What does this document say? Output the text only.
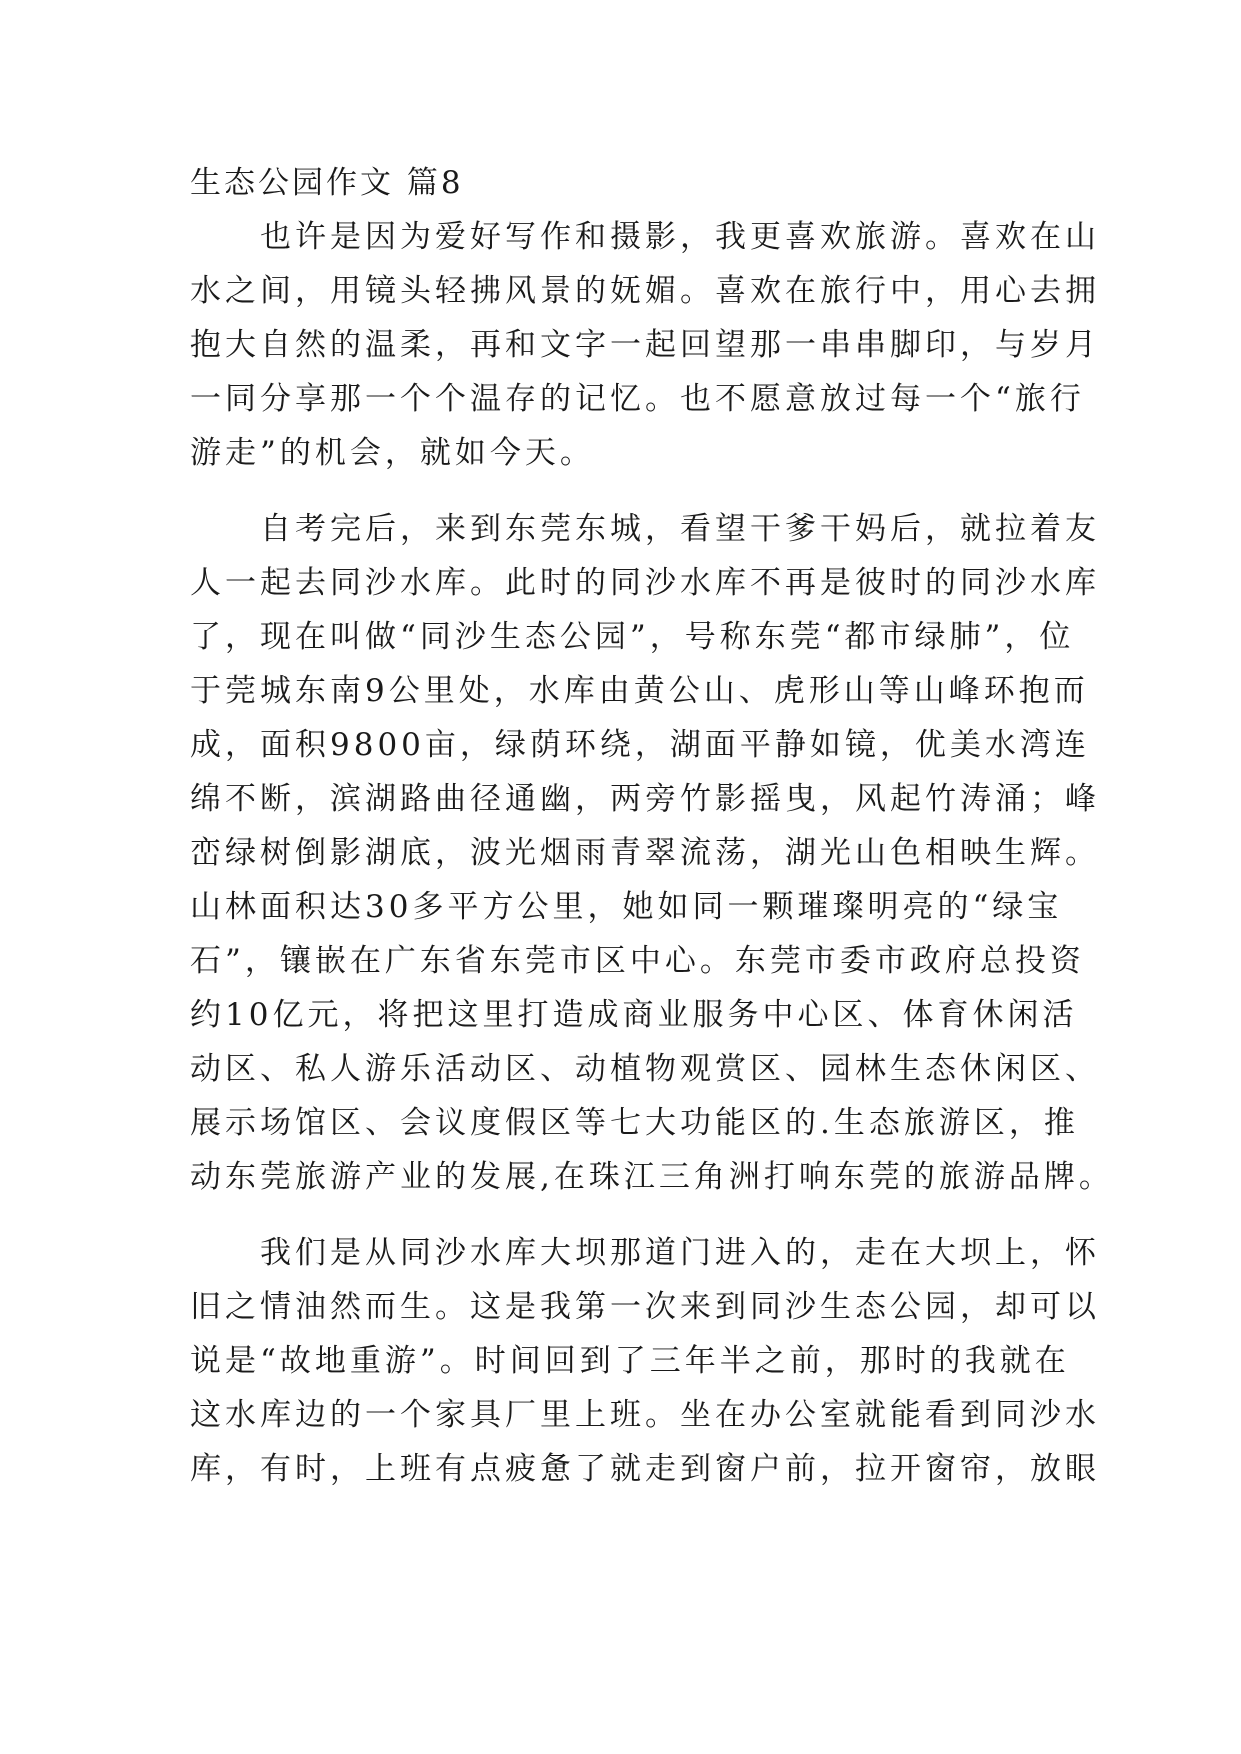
生态公园作文 篇8
　　也许是因为爱好写作和摄影，我更喜欢旅游。喜欢在山
水之间，用镜头轻拂风景的妩媚。喜欢在旅行中，用心去拥
抱大自然的温柔，再和文字一起回望那一串串脚印，与岁月
一同分享那一个个温存的记忆。也不愿意放过每一个“旅行
游走”的机会，就如今天。
　　自考完后，来到东莞东城，看望干爹干妈后，就拉着友
人一起去同沙水库。此时的同沙水库不再是彼时的同沙水库
了，现在叫做“同沙生态公园”，号称东莞“都市绿肺”，位
于莞城东南9公里处，水库由黄公山、虎形山等山峰环抱而
成，面积9800亩，绿荫环绕，湖面平静如镜，优美水湾连
绵不断，滨湖路曲径通幽，两旁竹影摇曳，风起竹涛涌；峰
峦绿树倒影湖底，波光烟雨青翠流荡，湖光山色相映生辉。
山林面积达30多平方公里，她如同一颗璀璨明亮的“绿宝
石”，镶嵌在广东省东莞市区中心。东莞市委市政府总投资
约10亿元，将把这里打造成商业服务中心区、体育休闲活
动区、私人游乐活动区、动植物观赏区、园林生态休闲区、
展示场馆区、会议度假区等七大功能区的.生态旅游区，推
动东莞旅游产业的发展,在珠江三角洲打响东莞的旅游品牌。
　　我们是从同沙水库大坝那道门进入的，走在大坝上，怀
旧之情油然而生。这是我第一次来到同沙生态公园，却可以
说是“故地重游”。时间回到了三年半之前，那时的我就在
这水库边的一个家具厂里上班。坐在办公室就能看到同沙水
库，有时，上班有点疲惫了就走到窗户前，拉开窗帘，放眼
